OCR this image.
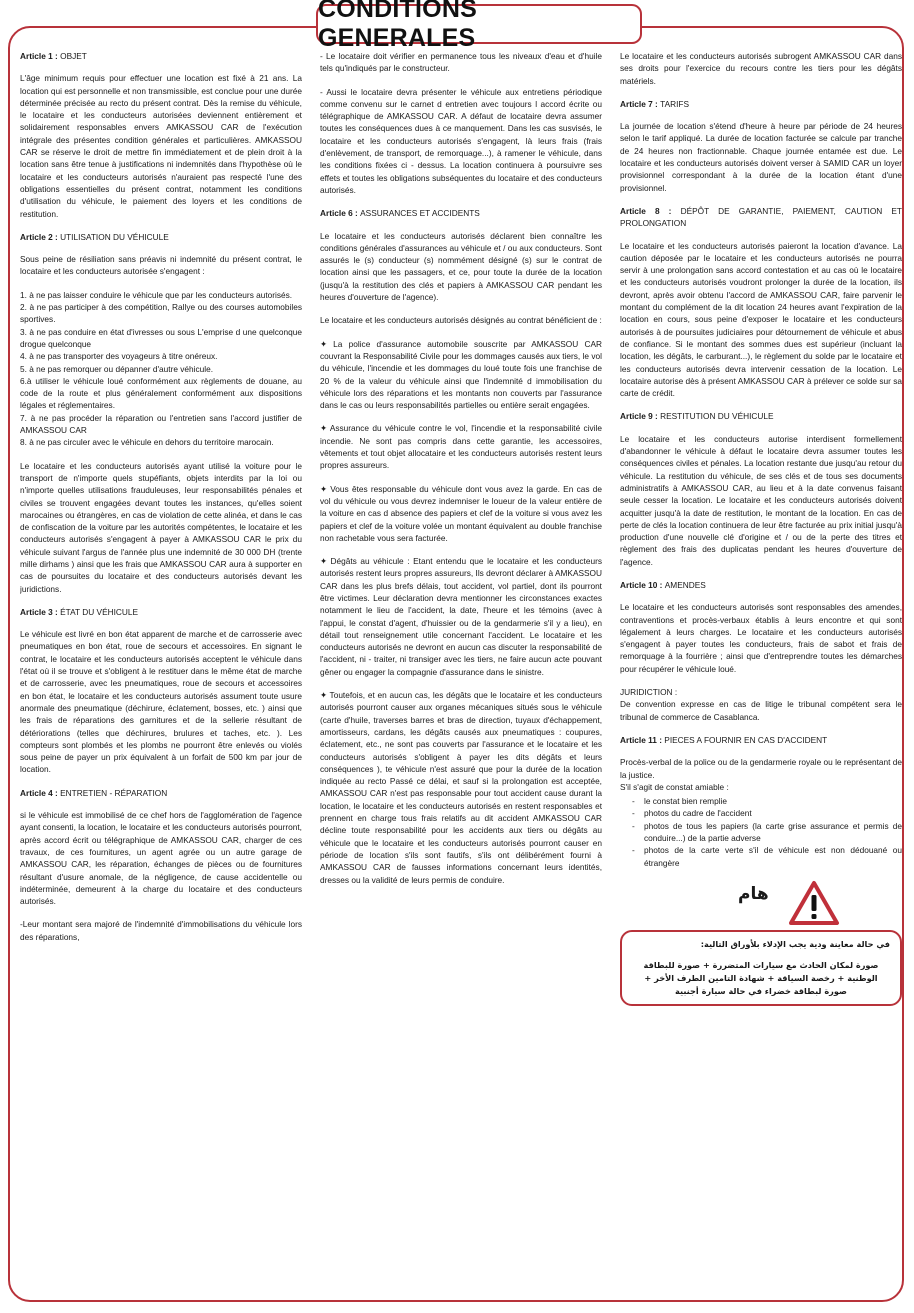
CONDITIONS GENERALES
Article 1 : OBJET

L'âge minimum requis pour effectuer une location est fixé à 21 ans. La location qui est personnelle et non transmissible, est conclue pour une durée déterminée précisée au recto du présent contrat. Dès la remise du véhicule, le locataire et les conducteurs autorisées deviennent entièrement et solidairement responsables envers AMKASSOU CAR de l'exécution intégrale des présentes condition générales et particulières. AMKASSOU CAR se réserve le droit de mettre fin immédiatement et de plein droit à la location sans être tenue à justifications ni indemnités dans l'hypothèse où le locataire et les conducteurs autorisés n'auraient pas respecté l'une des obligations essentielles du présent contrat, notamment les conditions d'utilisation du véhicule, le paiement des loyers et les conditions de restitution.

Article 2 : UTILISATION DU VÉHICULE

Sous peine de résiliation sans préavis ni indemnité du présent contrat, le locataire et les conducteurs autorisée s'engagent :

1. à ne pas laisser conduire le véhicule que par les conducteurs autorisés.
2. à ne pas participer à des compétition, Rallye ou des courses automobiles sportives.
3. à ne pas conduire en état d'ivresses ou sous L'emprise d une quelconque drogue quelconque
4. à ne pas transporter des voyageurs à titre onéreux.
5. à ne pas remorquer ou dépanner d'autre véhicule.
6.à utiliser le véhicule loué conformément aux règlements de douane, au code de la route et plus généralement conformément aux dispositions légales et réglementaires.
7. à ne pas procéder la réparation ou l'entretien sans l'accord justifier de AMKASSOU CAR
8. à ne pas circuler avec le véhicule en dehors du territoire marocain.

Le locataire et les conducteurs autorisés ayant utilisé la voiture pour le transport de n'importe quels stupéfiants, objets interdits par la loi ou n'importe quelles utilisations frauduleuses, leur responsabilités pénales et civiles se trouvent engagées devant toutes les instances, qu'elles soient marocaines ou étrangères, en cas de violation de cette alinéa, et dans le cas de confiscation de la voiture par les autorités compétentes, le locataire et les conducteurs autorisés s'engagent à payer à AMKASSOU CAR le prix du véhicule suivant l'argus de l'année plus une indemnité de 30 000 DH (trente mille dirhams ) ainsi que les frais que AMKASSOU CAR aura à supporter en cas de poursuites du locataire et des conducteurs autorisés devant les juridictions.

Article 3 : ÉTAT DU VÉHICULE

Le véhicule est livré en bon état apparent de marche et de carrosserie avec pneumatiques en bon état, roue de secours et accessoires. En signant le contrat, le locataire et les conducteurs autorisés acceptent le véhicule dans l'état où il se trouve et s'obligent à le restituer dans le même état de marche et de carrosserie, avec les pneumatiques, roue de secours et accessoires en bon état, le locataire et les conducteurs autorisés assument toute usure anormale des pneumatique (déchirure, éclatement, bosses, etc. ) ainsi que les frais de réparations des garnitures et de la sellerie résultant de détériorations (telles que déchirures, brulures et taches, etc. ). Les compteurs sont plombés et les plombs ne pourront être enlevés ou violés sous peine de payer un prix équivalent à un forfait de 500 km par jour de location.

Article 4 : ENTRETIEN - RÉPARATION

si le véhicule est immobilisé de ce chef hors de l'agglomération de l'agence ayant consenti, la location, le locataire et les conducteurs autorisés pourront, après accord écrit ou télégraphique de AMKASSOU CAR, charger de ces travaux, de ces fournitures, un agent agrée ou un autre garage de AMKASSOU CAR, les réparation, échanges de pièces ou de fournitures résultant d'usure anomale, de la négligence, de cause accidentelle ou indéterminée, demeurent à la charge du locataire et des conducteurs autorisés.

-Leur montant sera majoré de l'indemnité d'immobilisations du véhicule lors des réparations,

- Le locataire doit vérifier en permanence tous les niveaux d'eau et d'huile tels qu'indiqués par le constructeur.

- Aussi le locataire devra présenter le véhicule aux entretiens périodique comme convenu sur le carnet d entretien avec toujours l accord écrite ou télégraphique de AMKASSOU CAR. A défaut de locataire devra assumer toutes les conséquences dues à ce manquement. Dans les cas susvisés, le locataire et les conducteurs autorisés s'engagent, là leurs frais (frais d'enlèvement, de transport, de remorquage...), à ramener le véhicule, dans les conditions fixées ci - dessus. La location continuera à poursuivre ses effets et toutes les obligations subséquentes du locataire et des conducteurs autorisés.

Article 6 : ASSURANCES ET ACCIDENTS

Le locataire et les conducteurs autorisés déclarent bien connaître les conditions générales d'assurances au véhicule et / ou aux conducteurs. Sont assurés le (s) conducteur (s) nommément désigné (s) sur le contrat de location ainsi que les passagers, et ce, pour toute la durée de la location (jusqu'à la restitution des clés et papiers à AMKASSOU CAR pendant les heures d'ouverture de l'agence).

Le locataire et les conducteurs autorisés désignés au contrat bénéficient de :

✦ La police d'assurance automobile souscrite par AMKASSOU CAR couvrant la Responsabilité Civile pour les dommages causés aux tiers, le vol du véhicule, l'incendie et les dommages du loué toute fois une franchise de 20 % de la valeur du véhicule ainsi que l'indemnité d immobilisation du véhicule lors des réparations et les montants non couverts par l'assurance dans le cas ou leurs responsabilités partielles ou entière serait engagées.

✦ Assurance du véhicule contre le vol, l'incendie et la responsabilité civile incendie. Ne sont pas compris dans cette garantie, les accessoires, vêtements et tout objet allocataire et les conducteurs autorisés restent leurs propres assureurs.

✦ Vous êtes responsable du véhicule dont vous avez la garde. En cas de vol du véhicule ou vous devrez indemniser le loueur de la valeur entière de la voiture en cas d absence des papiers et clef de la voiture si vous avez les papiers et clef de la voiture volée un montant équivalent au double franchise non rachetable vous sera facturée.

✦ Dégâts au véhicule : Etant entendu que le locataire et les conducteurs autorisés restent leurs propres assureurs, Ils devront déclarer à AMKASSOU CAR dans les plus brefs délais, tout accident, vol partiel, dont ils pourront être victimes. Leur déclaration devra mentionner les circonstances exactes notamment le lieu de l'accident, la date, l'heure et les témoins (avec à l'appui, le constat d'agent, d'huissier ou de la gendarmerie s'il y a lieu), en détail tout renseignement utile concernant l'accident. Le locataire et les conducteurs autorisés ne devront en aucun cas discuter la responsabilité de l'accident, ni - traiter, ni transiger avec les tiers, ne faire aucun acte pouvant gêner ou engager la compagnie d'assurance dans le sinistre.

✦ Toutefois, et en aucun cas, les dégâts que le locataire et les conducteurs autorisés pourront causer aux organes mécaniques situés sous le véhicule (carte d'huile, traverses barres et bras de direction, tuyaux d'échappement, amortisseurs, cardans, les dégâts causés aux pneumatiques : coupures, éclatement, etc., ne sont pas couverts par l'assurance et le locataire et les conducteurs autorisés s'obligent à payer les dits dégâts et leurs conséquences ), te véhicule n'est assuré que pour la durée de la location indiquée au recto Passé ce délai, et sauf si la prolongation est acceptée, AMKASSOU CAR n'est pas responsable pour tout accident cause durant la location, le locataire et les conducteurs autorisés en restent responsables et prennent en charge tous frais relatifs au dit accident AMKASSOU CAR décline toute responsabilité pour les accidents aux tiers ou dégâts au véhicule que le locataire et les conducteurs autorisés pourront causer en période de location s'ils sont fautifs, s'ils ont délibérément fourni à AMKASSOU CAR de fausses informations concernant leurs identités, dresses ou la validité de leurs permis de conduire.

Le locataire et les conducteurs autorisés subrogent AMKASSOU CAR dans ses droits pour l'exercice du recours contre les tiers pour les dégâts matériels.

Article 7 : TARIFS

La journée de location s'étend d'heure à heure par période de 24 heures selon le tarif appliqué. La durée de location facturée se calcule par tranche de 24 heures non fractionnable. Chaque journée entamée est due. Le locataire et les conducteurs autorisés doivent verser à SAMID CAR un loyer provisionnel correspondant à la durée de la location étant d'une provisionnel.

Article 8 : DÉPÔT DE GARANTIE, PAIEMENT, CAUTION ET PROLONGATION

Le locataire et les conducteurs autorisés paieront la location d'avance. La caution déposée par le locataire et les conducteurs autorisés ne pourra servir à une prolongation sans accord contestation et au cas où le locataire et les conducteurs autorisés voudront prolonger la durée de la location, ils devront, après avoir obtenu l'accord de AMKASSOU CAR, faire parvenir le montant du complément de la dit location 24 heures avant l'expiration de la location en cours, sous peine d'exposer le locataire et les conducteurs autorisés à de poursuites judiciaires pour détournement de véhicule et abus de confiance. Si le montant des sommes dues est supérieur (incluant la location, les dégâts, le carburant...), le règlement du solde par le locataire et les conducteurs autorisés devra intervenir cessation de la location. Le locataire autorise dès à présent AMKASSOU CAR à prélever ce solde sur sa carte de crédit.

Article 9 : RESTITUTION DU VÉHICULE

Le locataire et les conducteurs autorise interdisent formellement d'abandonner le véhicule à défaut le locataire devra assumer toutes les conséquences civiles et pénales. La location restante due jusqu'au retour du véhicule. La restitution du véhicule, de ses clés et de tous ses documents administratifs à AMKASSOU CAR, au lieu et à la date convenus faisant seule cesser la location. Le locataire et les conducteurs autorisés doivent acquitter jusqu'à la date de restitution, le montant de la location. En cas de perte de clés la location continuera de leur être facturée au prix initial jusqu'à production d'une nouvelle clé d'origine et / ou de la perte des titres et règlement des frais des duplicatas pendant les heures d'ouverture de l'agence.

Article 10 : AMENDES

Le locataire et les conducteurs autorisés sont responsables des amendes, contraventions et procès-verbaux établis à leurs encontre et qui sont légalement à leurs charges. Le locataire et les conducteurs autorisés s'engagent à payer toutes les conducteurs, frais de sabot et frais de remorquage à la fourrière ; ainsi que d'entreprendre toutes les démarches pour récupérer le véhicule loué.

JURIDICTION :

De convention expresse en cas de litige le tribunal compétent sera le tribunal de commerce de Casablanca.

Article 11 : PIECES A FOURNIR EN CAS D'ACCIDENT
Procès-verbal de la police ou de la gendarmerie royale ou le représentant de la justice.
S'il s'agit de constat amiable :
- le constat bien remplie
- photos du cadre de l'accident
- photos de tous les papiers (la carte grise assurance et permis de conduire...) de la partie adverse
- photos de la carte verte s'il de véhicule est non dédouané ou étrangère
هام

في حالة معاينة ودية يجب الإدلاء بلأوراق التالية:

صورة لمكان الحادث مع سيارات المتضررة + صورة للبطاقة الوطنية + رخصة السياقة + شهادة التامين الطرف الأخر + صورة لبطاقة خضراء في حالة سيارة أجنبية
